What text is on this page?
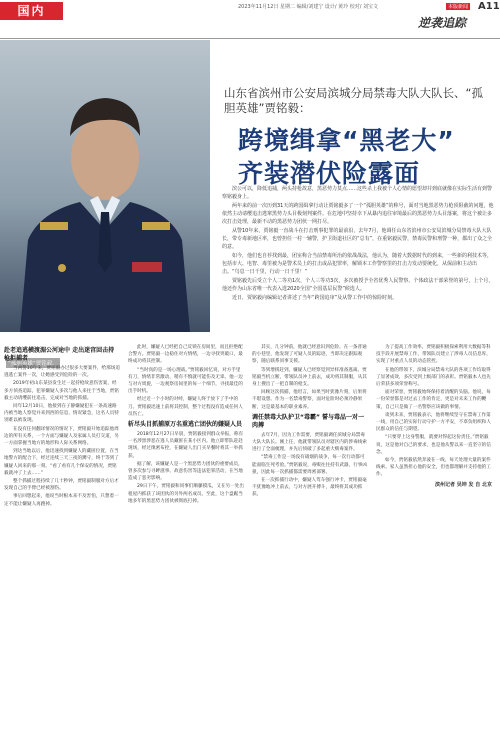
国内	2023年11月12日 星期二 编辑/刘建宁 设计/ 黄玲 校对/ 刘宝文	本版新闻 A11
逆袭追踪
“孤胆英雄”贾铭毅。
山东省滨州市公安局滨城分局禁毒大队大队长、“孤胆英雄”贾铭毅：
跨境缉拿“黑老大”
齐装潜伏险露面

滨公可以，降低追捕，两头持枪故意，黑恶势力莫点……这些杀上我被个人心情的愿望却并到底就像在实际生活有到警察铭毅身上。

两年来的前一次历到31天的跨国缉拿行动让贾铭毅多了一个“孤胆英雄”的称号，面对当地黑恶势力枪顶阻截的问题，他依然主动请缨追击逃窜黑势力头目极刻判案件。在危地中坚持幸下从暴内追往审境最后的黑恶势力头目落案，将这个被让多次打击处理，最新不动的黑恶势力团伙一网打尽。

从警10年来，贾铭毅一直战斗在打击刑事犯罪的最前沿，去年7月，他调任山东省滨州市公安局滨城分局禁毒大队大队长，带专毒新地区率，也曾担任一村一辅警，护卫街道社区的“总有”，在重铭毅民警，禁毒民警和刑警一种，都出了众之全的意。

如今，他们也自荐找到最，团室称合当前禁毒所治的依战战法，他认为，随着大数据时代的到来，一些新的利技术等，包括市大、电智、毒里被为是警术员上的打击或品犯罪率，解锁本工作警察里的打击力发动要统化，从保前和主动出击。“鸟息一日千里，行动一日千里！”

贾铭毅先后受立个人二等功1次，个人三等功3次，多次被授予全省优秀人民警察、个体政法干部荣誉的第号，上个月，他还作为山东省唯一代表入选2020全国“全国基层民警”候选人。

近日，贾铭毅向编辑记者讲述了当年“跨国追审”及从警工作中的惊险时刻。

赴老追逃横渡湄公河途中 走出迷宫回击持枪拒捕者

当两警10年来，贾铭毅办过很多大要案件，给那场追逃逃亡案件一次，让她感受到危险的一次。

2019年初山东某县发生过一起持枪故意伤害案，经多方侦查追踪，犯罪嫌疑人多次与他人来往于当地，贾铭毅主动请缨前往追击，完成对当地的抓捕。

同年12月10日，他接到在子静嫌疑犯在一条高速路内被当地人察觉并来到西的信息，情况紧急，这名人员特别难以被发现。

在没有任何翻译情况的情况下，贾铭毅开始追踪他周边的所有关系，一个方面与嫌疑人及家属人员打交道，另一方面掌握当地方的地形和人际关系网络。

到达当地以后，他迅速找到嫌疑人的藏匿位置，在当地警方的配合下，经过连续三天三夜的蹲守，终于等到了嫌疑人回来的那一刻。“看了看有几个保安的情况，贾铭毅就冲了上去……”

整个抓捕过程持续了几十秒钟，贾铭毅制服对方后才发现自己的手臂已经被割伤。

事后回想起来，他说当时根本来不及害怕，只想着一定不能让嫌疑人再跑掉。

此时，嫌疑人已经把自己反锁在房间里，而且拒绝配合警方。贾铭毅一边稳住对方情绪，一边寻找突破口，最终成功将其控制。

“当时真的是一场心理战。”贾铭毅回忆说，对方手里有刀，情绪非常激动，稍有不慎就可能伤及无辜。他一边与对方周旋，一边观察房间里的每一个细节，寻找最佳的出手时机。

经过近一个小时的对峙，嫌疑人终于放下了手中的刀。贾铭毅迅速上前将其控制，整个过程没有造成任何人员伤亡。

斩尽头目抓捕原万名重逃亡团伙的嫌疑人员

2018年12月27日早晨，贾铭毅接到群众举报，称有一名涉黑涉恶在逃人员藏匿在某小区内。他立即带队赶赴现场，经过缜密布控，在嫌疑人出门买早餐时将其一举抓获。

据了解，该嫌疑人是一个黑恶势力团伙的重要成员，曾多次参与寻衅滋事、故意伤害等违法犯罪活动，在当地造成了恶劣影响。

29日下午，贾铭毅和同事们顺藤摸瓜，又在另一处出租屋内抓获了该团伙的另外两名成员。至此，这个盘踞当地多年的黑恶势力团伙被彻底打掉。

其实，几分钟前，他就已经意识到危险。在一条普通的小巷里，他发现了可疑人员的踪迹，当即决定跟踪观察，随后联系同事支援。

等到增援赶到，嫌疑人已经察觉到异样准备逃离。贾铭毅当机立断，带领队员冲上前去，成功将其制服，从其身上搜出了一把自制的枪支。

回顾这次抓捕，他坦言，如果当时犹豫片刻，后果将不堪设想。作为一名禁毒警察，面对危险时必须冷静果断，这是最基本的职业素养。

调任禁毒大队护卫“毒霸” 誓与毒品一对一肉搏

去年7月，因为工作需要，贾铭毅调任滨城分局禁毒大队大队长。刚上任，他就带领队员对辖区内的涉毒线索进行了全面梳理，并先后侦破了多起重大贩毒案件。

“禁毒工作是一场没有硝烟的战争，每一次行动都可能面临生死考验。”贾铭毅说，毒贩往往持有武器，行事凶狠，因此每一次抓捕都需要周密部署。

在一次抓捕行动中，嫌疑人驾车强行冲卡，贾铭毅毫不犹豫地冲上前去，与对方展开搏斗，最终将其成功抓获。

为了提高工作效率，贾铭毅积极探索利用大数据等科技手段开展禁毒工作，带领队员建立了涉毒人员信息库，实现了对重点人员的动态管控。

在他的带领下，滨城分局禁毒大队的各项工作均取得了显著成效，多次受到上级部门的表彰。贾铭毅本人也先后荣获多项荣誉称号。

面对荣誉，贾铭毅始终保持着清醒的头脑。他说，每一份荣誉都是对过去工作的肯定，更是对未来工作的鞭策，自己只是做了一名警察应该做的事情。

谈到未来，贾铭毅表示，他将继续坚守在禁毒工作第一线，用自己的实际行动守护一方平安，不辜负组织和人民群众的信任与期望。

“只要穿上这身警服，就要对得起这份责任。”贾铭毅说，这是他对自己的要求，也是他从警以来一直坚守的信念。

如今，贾铭毅依然奔波在一线，每天处理大量的案件线索。家人虽然担心他的安全，但也都理解并支持他的工作。

滨州记者 吴坤 发 自 北京
